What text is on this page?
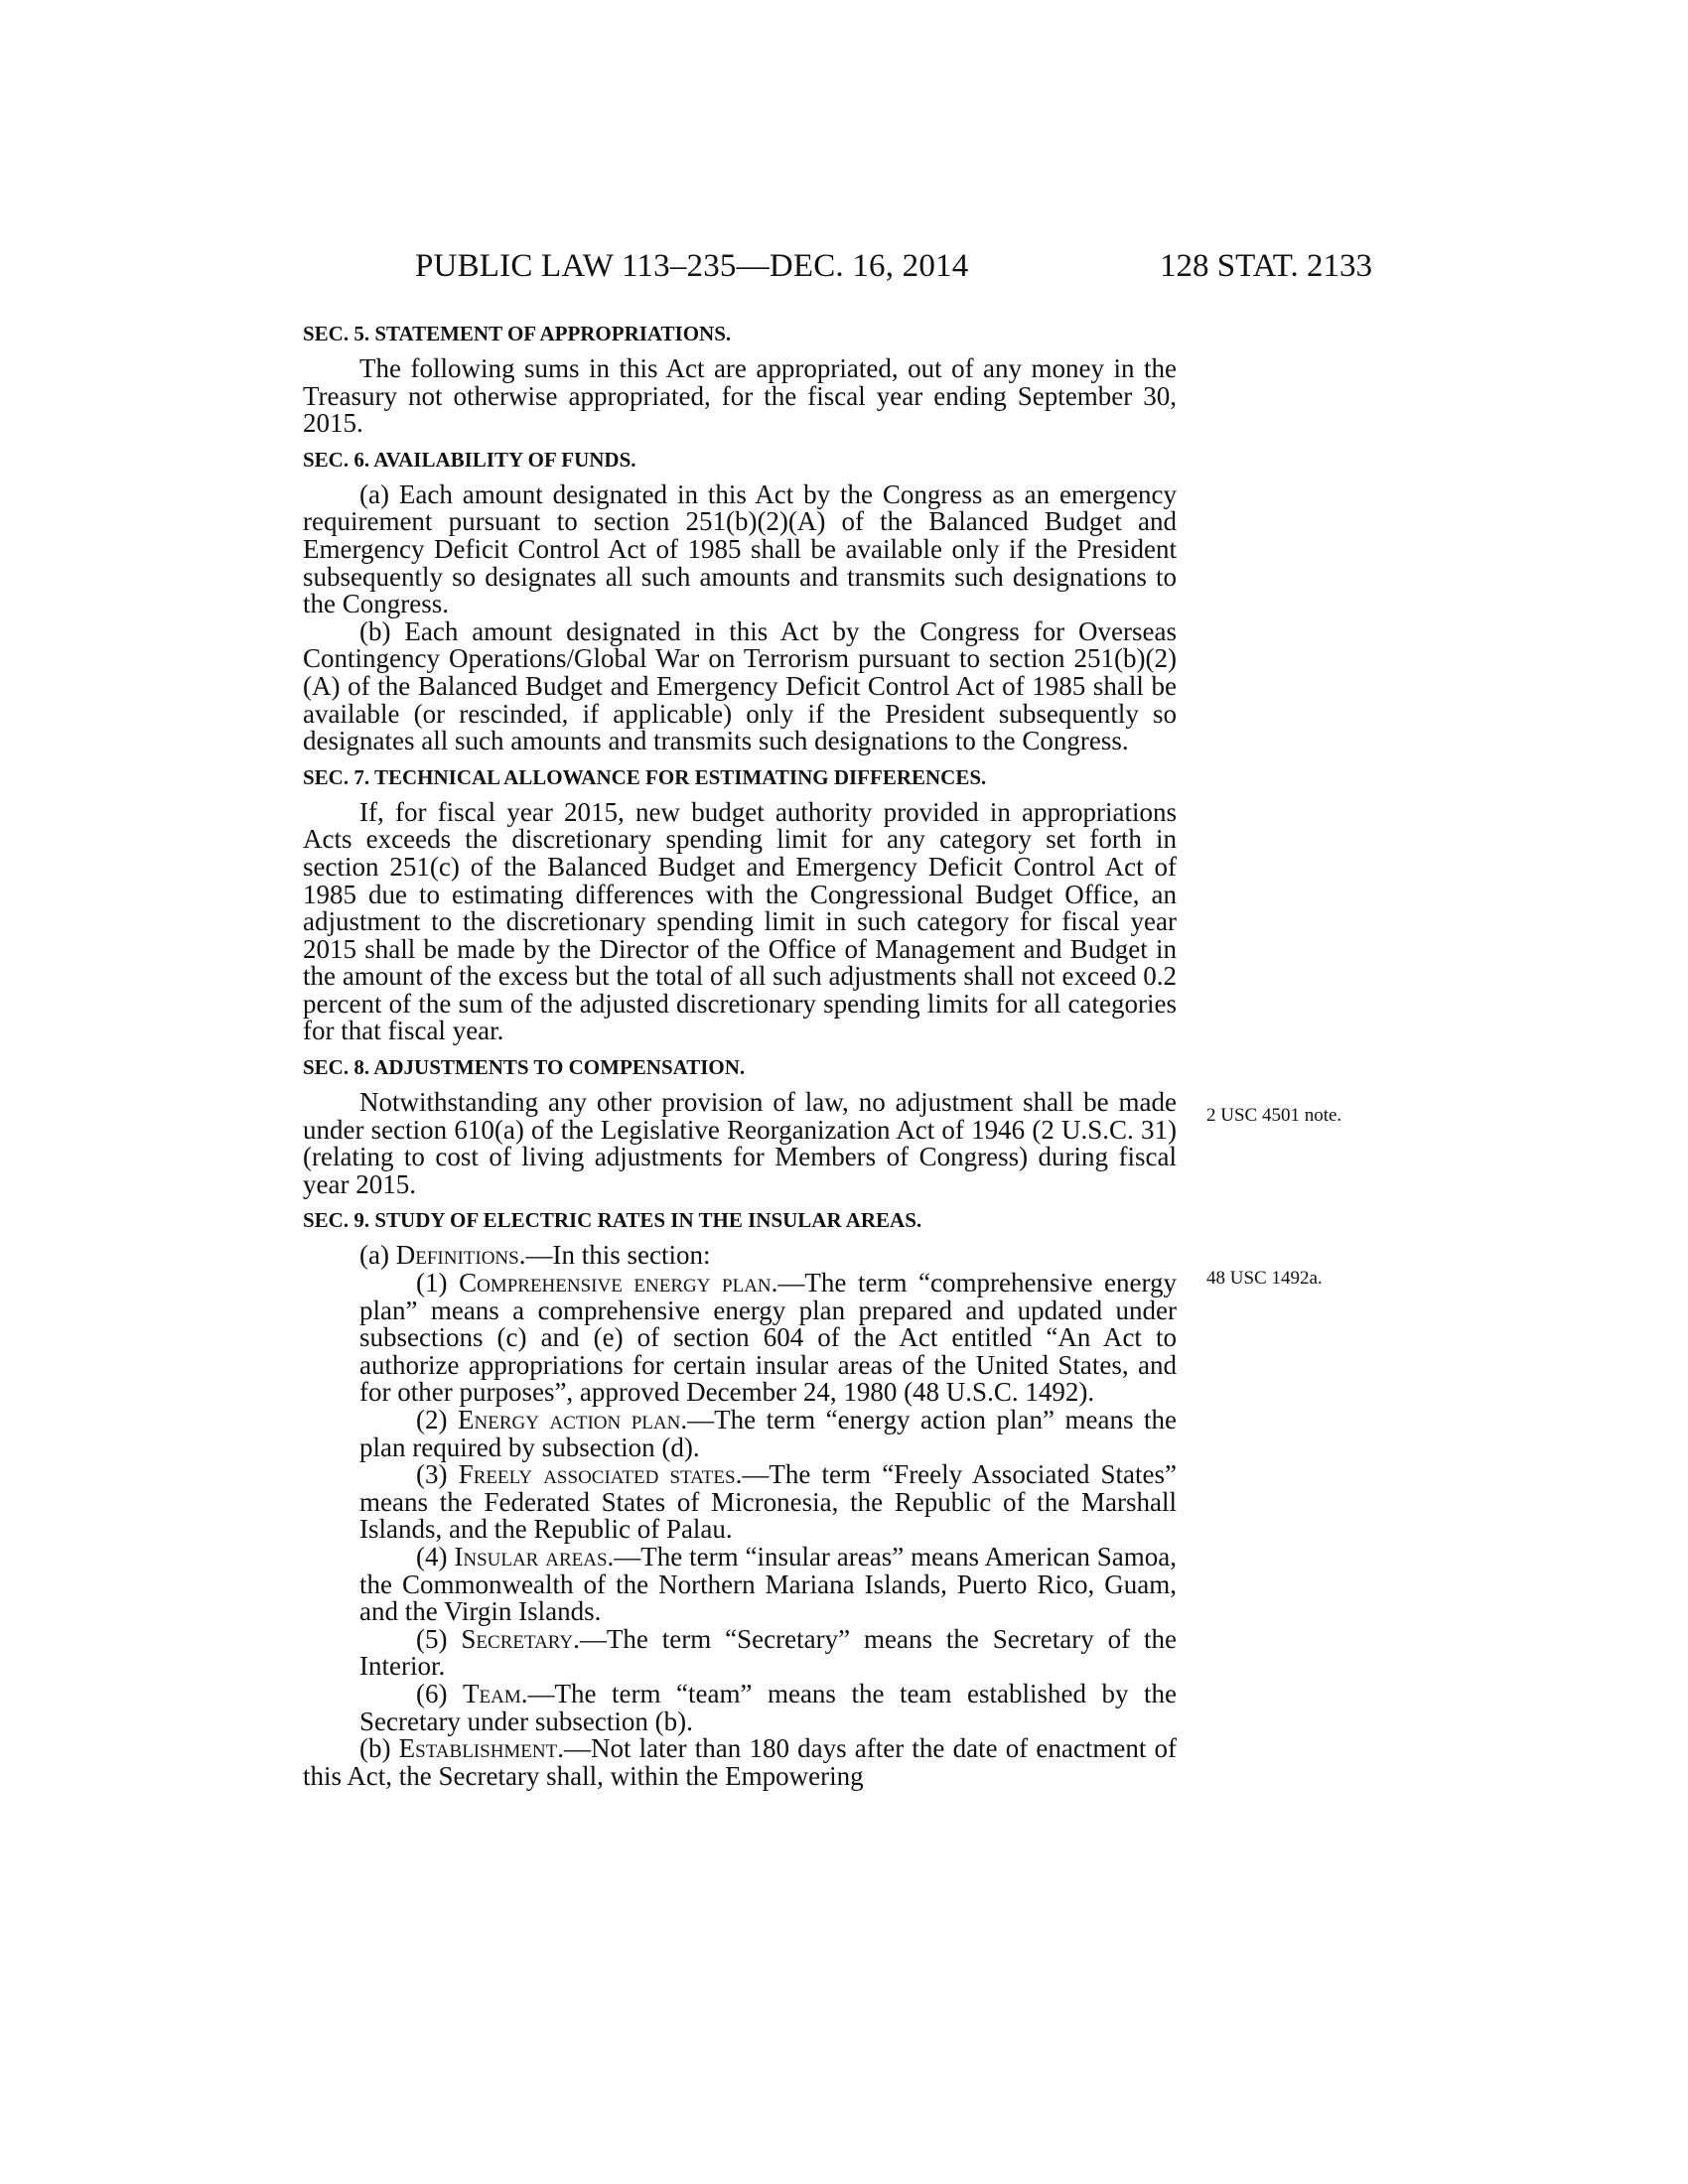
PUBLIC LAW 113–235—DEC. 16, 2014	128 STAT. 2133
2 USC 4501 note.
48 USC 1492a.

SEC. 5. STATEMENT OF APPROPRIATIONS.

The following sums in this Act are appropriated, out of any money in the Treasury not otherwise appropriated, for the fiscal year ending September 30, 2015.

SEC. 6. AVAILABILITY OF FUNDS.

(a) Each amount designated in this Act by the Congress as an emergency requirement pursuant to section 251(b)(2)(A) of the Balanced Budget and Emergency Deficit Control Act of 1985 shall be available only if the President subsequently so designates all such amounts and transmits such designations to the Congress.

(b) Each amount designated in this Act by the Congress for Overseas Contingency Operations/Global War on Terrorism pursuant to section 251(b)(2)(A) of the Balanced Budget and Emergency Deficit Control Act of 1985 shall be available (or rescinded, if applicable) only if the President subsequently so designates all such amounts and transmits such designations to the Congress.

SEC. 7. TECHNICAL ALLOWANCE FOR ESTIMATING DIFFERENCES.

If, for fiscal year 2015, new budget authority provided in appropriations Acts exceeds the discretionary spending limit for any category set forth in section 251(c) of the Balanced Budget and Emergency Deficit Control Act of 1985 due to estimating differences with the Congressional Budget Office, an adjustment to the discretionary spending limit in such category for fiscal year 2015 shall be made by the Director of the Office of Management and Budget in the amount of the excess but the total of all such adjustments shall not exceed 0.2 percent of the sum of the adjusted discretionary spending limits for all categories for that fiscal year.

SEC. 8. ADJUSTMENTS TO COMPENSATION.

Notwithstanding any other provision of law, no adjustment shall be made under section 610(a) of the Legislative Reorganization Act of 1946 (2 U.S.C. 31) (relating to cost of living adjustments for Members of Congress) during fiscal year 2015.

SEC. 9. STUDY OF ELECTRIC RATES IN THE INSULAR AREAS.

(a) Definitions.—In this section:

(1) Comprehensive energy plan.—The term “comprehensive energy plan” means a comprehensive energy plan prepared and updated under subsections (c) and (e) of section 604 of the Act entitled “An Act to authorize appropriations for certain insular areas of the United States, and for other purposes”, approved December 24, 1980 (48 U.S.C. 1492).

(2) Energy action plan.—The term “energy action plan” means the plan required by subsection (d).

(3) Freely associated states.—The term “Freely Associated States” means the Federated States of Micronesia, the Republic of the Marshall Islands, and the Republic of Palau.

(4) Insular areas.—The term “insular areas” means American Samoa, the Commonwealth of the Northern Mariana Islands, Puerto Rico, Guam, and the Virgin Islands.

(5) Secretary.—The term “Secretary” means the Secretary of the Interior.

(6) Team.—The term “team” means the team established by the Secretary under subsection (b).

(b) Establishment.—Not later than 180 days after the date of enactment of this Act, the Secretary shall, within the Empowering
